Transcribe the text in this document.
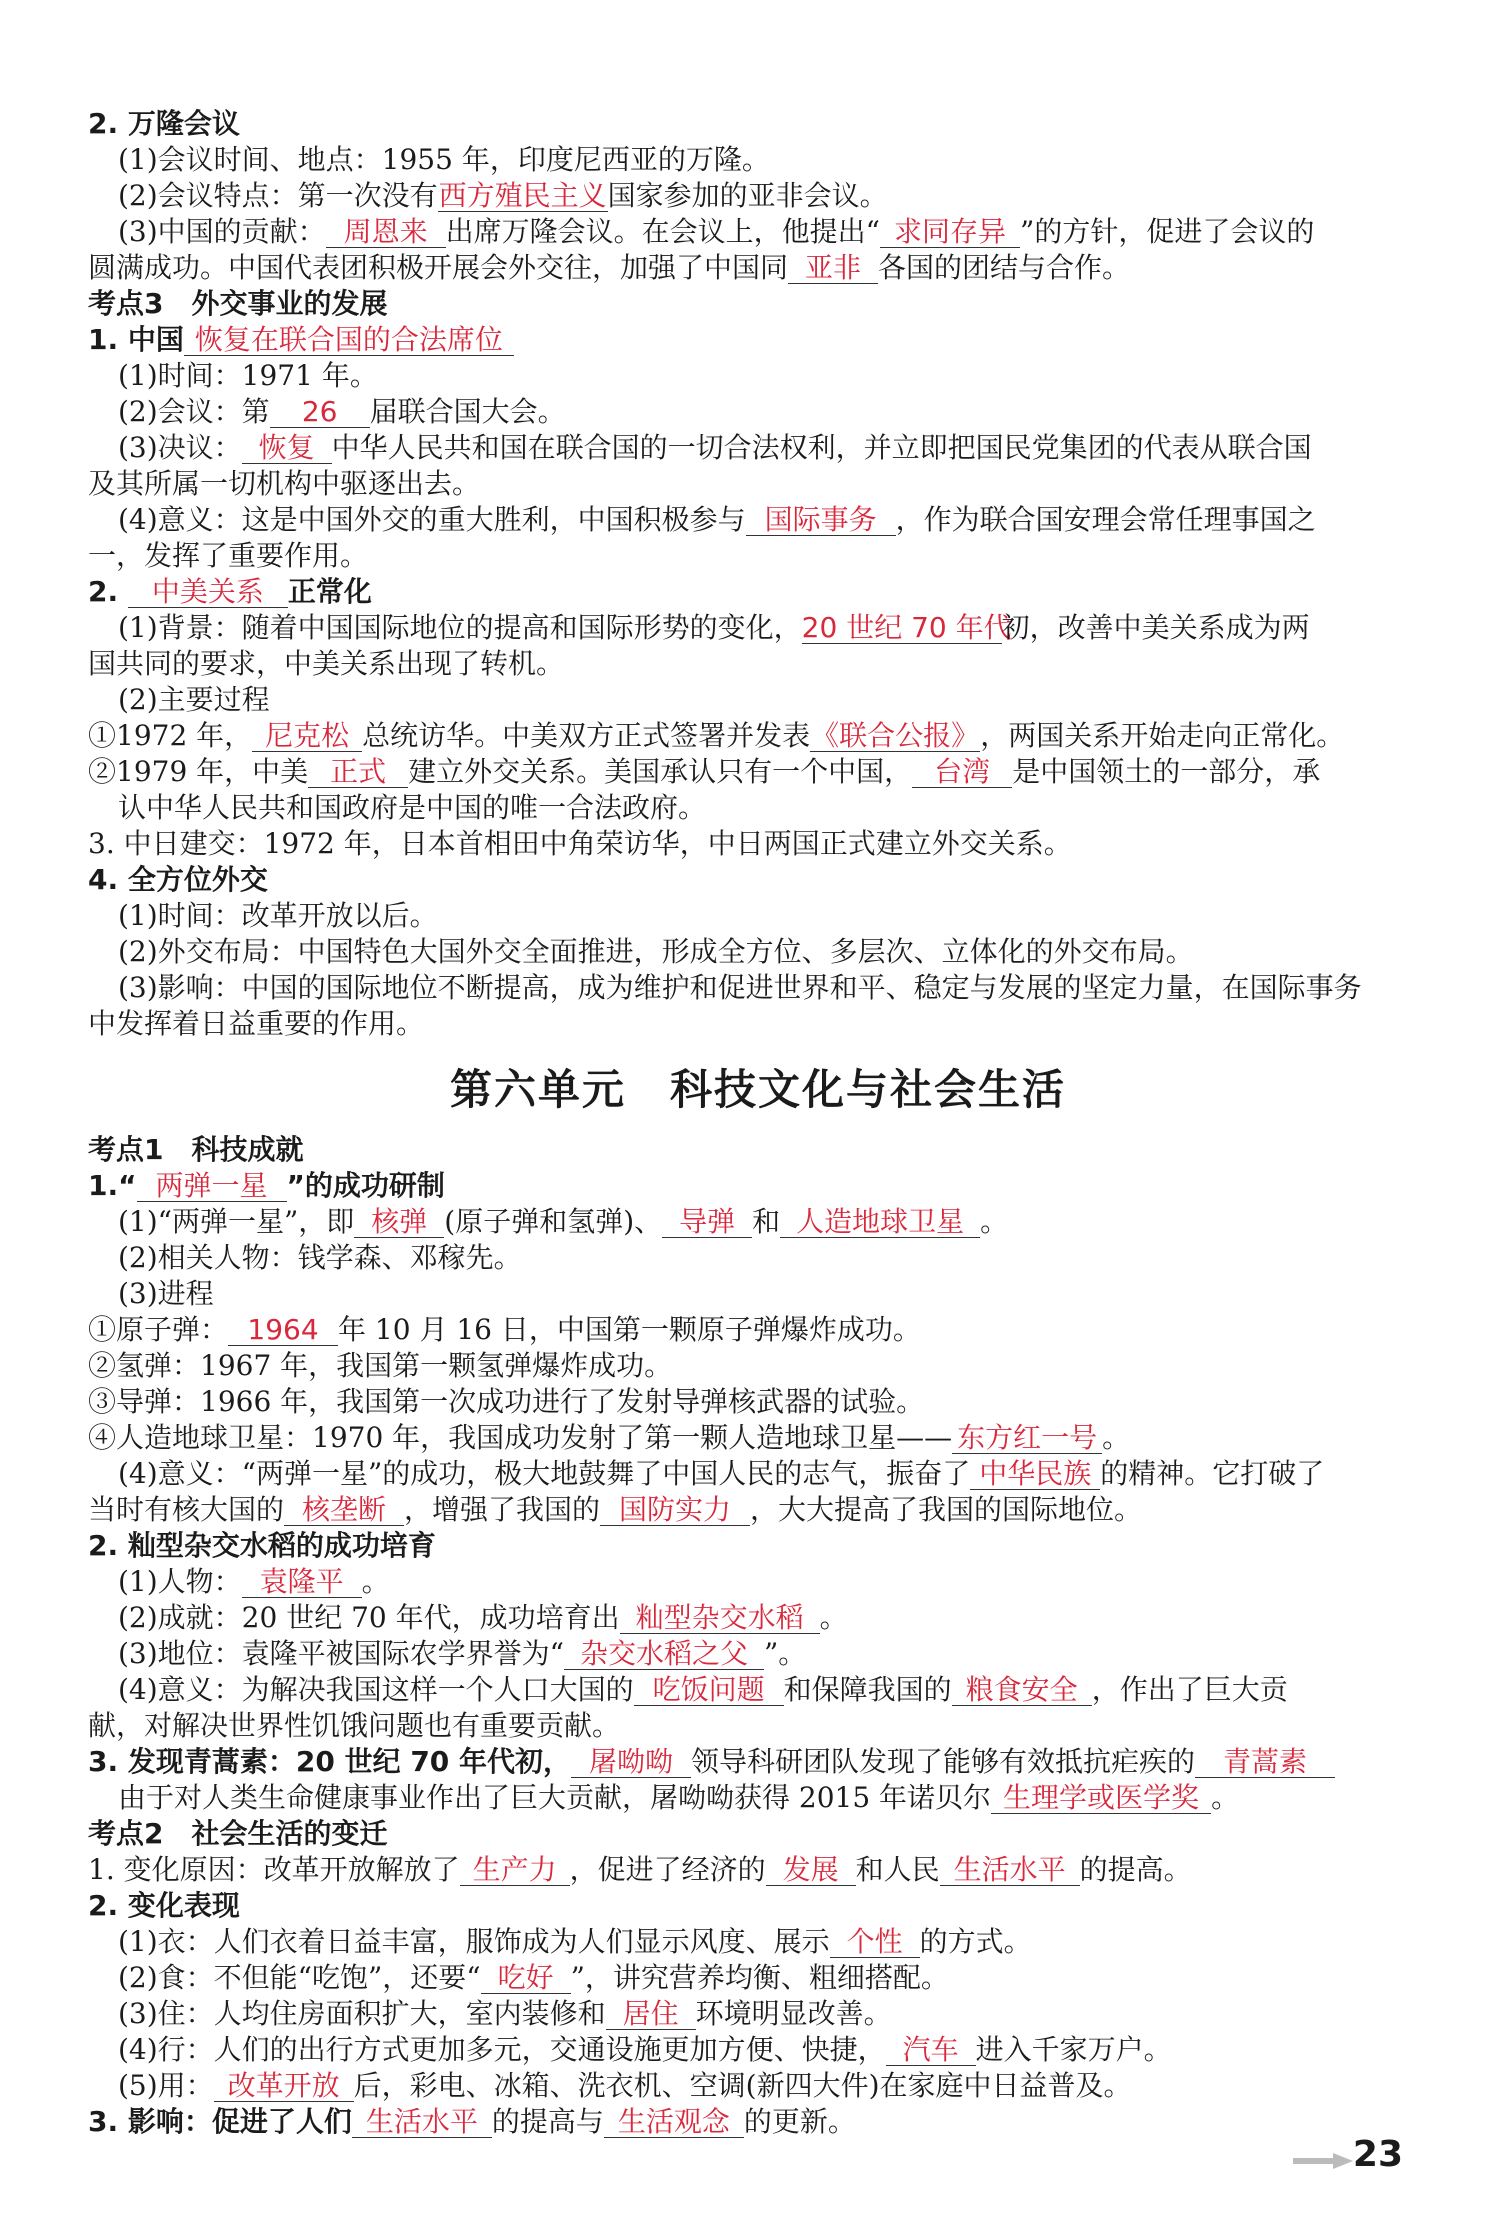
2. 万隆会议
(1)会议时间、地点：1955 年，印度尼西亚的万隆。
(2)会议特点：第一次没有西方殖民主义国家参加的亚非会议。
(3)中国的贡献： 周恩来 出席万隆会议。在会议上，他提出“ 求同存异 ”的方针，促进了会议的
圆满成功。中国代表团积极开展会外交往，加强了中国同 亚非 各国的团结与合作。
考点3　外交事业的发展
1. 中国 恢复在联合国的合法席位
(1)时间：1971 年。
(2)会议：第 26 届联合国大会。
(3)决议： 恢复 中华人民共和国在联合国的一切合法权利，并立即把国民党集团的代表从联合国
及其所属一切机构中驱逐出去。
(4)意义：这是中国外交的重大胜利，中国积极参与 国际事务 ，作为联合国安理会常任理事国之
一，发挥了重要作用。
2. 中美关系 正常化
(1)背景：随着中国国际地位的提高和国际形势的变化，20 世纪 70 年代初，改善中美关系成为两
国共同的要求，中美关系出现了转机。
(2)主要过程
①1972 年， 尼克松 总统访华。中美双方正式签署并发表《联合公报》，两国关系开始走向正常化。
②1979 年，中美 正式 建立外交关系。美国承认只有一个中国， 台湾 是中国领土的一部分，承
认中华人民共和国政府是中国的唯一合法政府。
3. 中日建交：1972 年，日本首相田中角荣访华，中日两国正式建立外交关系。
4. 全方位外交
(1)时间：改革开放以后。
(2)外交布局：中国特色大国外交全面推进，形成全方位、多层次、立体化的外交布局。
(3)影响：中国的国际地位不断提高，成为维护和促进世界和平、稳定与发展的坚定力量，在国际事务
中发挥着日益重要的作用。
第六单元　科技文化与社会生活
考点1　科技成就
1.“ 两弹一星 ”的成功研制
(1)“两弹一星”，即 核弹 (原子弹和氢弹)、 导弹 和 人造地球卫星 。
(2)相关人物：钱学森、邓稼先。
(3)进程
①原子弹： 1964 年 10 月 16 日，中国第一颗原子弹爆炸成功。
②氢弹：1967 年，我国第一颗氢弹爆炸成功。
③导弹：1966 年，我国第一次成功进行了发射导弹核武器的试验。
④人造地球卫星：1970 年，我国成功发射了第一颗人造地球卫星—— 东方红一号 。
(4)意义：“两弹一星”的成功，极大地鼓舞了中国人民的志气，振奋了 中华民族 的精神。它打破了
当时有核大国的 核垄断 ，增强了我国的 国防实力 ，大大提高了我国的国际地位。
2. 籼型杂交水稻的成功培育
(1)人物： 袁隆平 。
(2)成就：20 世纪 70 年代，成功培育出 籼型杂交水稻 。
(3)地位：袁隆平被国际农学界誉为“ 杂交水稻之父 ”。
(4)意义：为解决我国这样一个人口大国的 吃饭问题 和保障我国的 粮食安全 ，作出了巨大贡
献，对解决世界性饥饿问题也有重要贡献。
3. 发现青蒿素：20 世纪 70 年代初， 屠呦呦 领导科研团队发现了能够有效抵抗疟疾的 青蒿素
由于对人类生命健康事业作出了巨大贡献，屠呦呦获得 2015 年诺贝尔 生理学或医学奖 。
考点2　社会生活的变迁
1. 变化原因：改革开放解放了 生产力 ，促进了经济的 发展 和人民 生活水平 的提高。
2. 变化表现
(1)衣：人们衣着日益丰富，服饰成为人们显示风度、展示 个性 的方式。
(2)食：不但能“吃饱”，还要“ 吃好 ”，讲究营养均衡、粗细搭配。
(3)住：人均住房面积扩大，室内装修和 居住 环境明显改善。
(4)行：人们的出行方式更加多元，交通设施更加方便、快捷， 汽车 进入千家万户。
(5)用： 改革开放 后，彩电、冰箱、洗衣机、空调(新四大件)在家庭中日益普及。
3. 影响：促进了人们 生活水平 的提高与 生活观念 的更新。
23
